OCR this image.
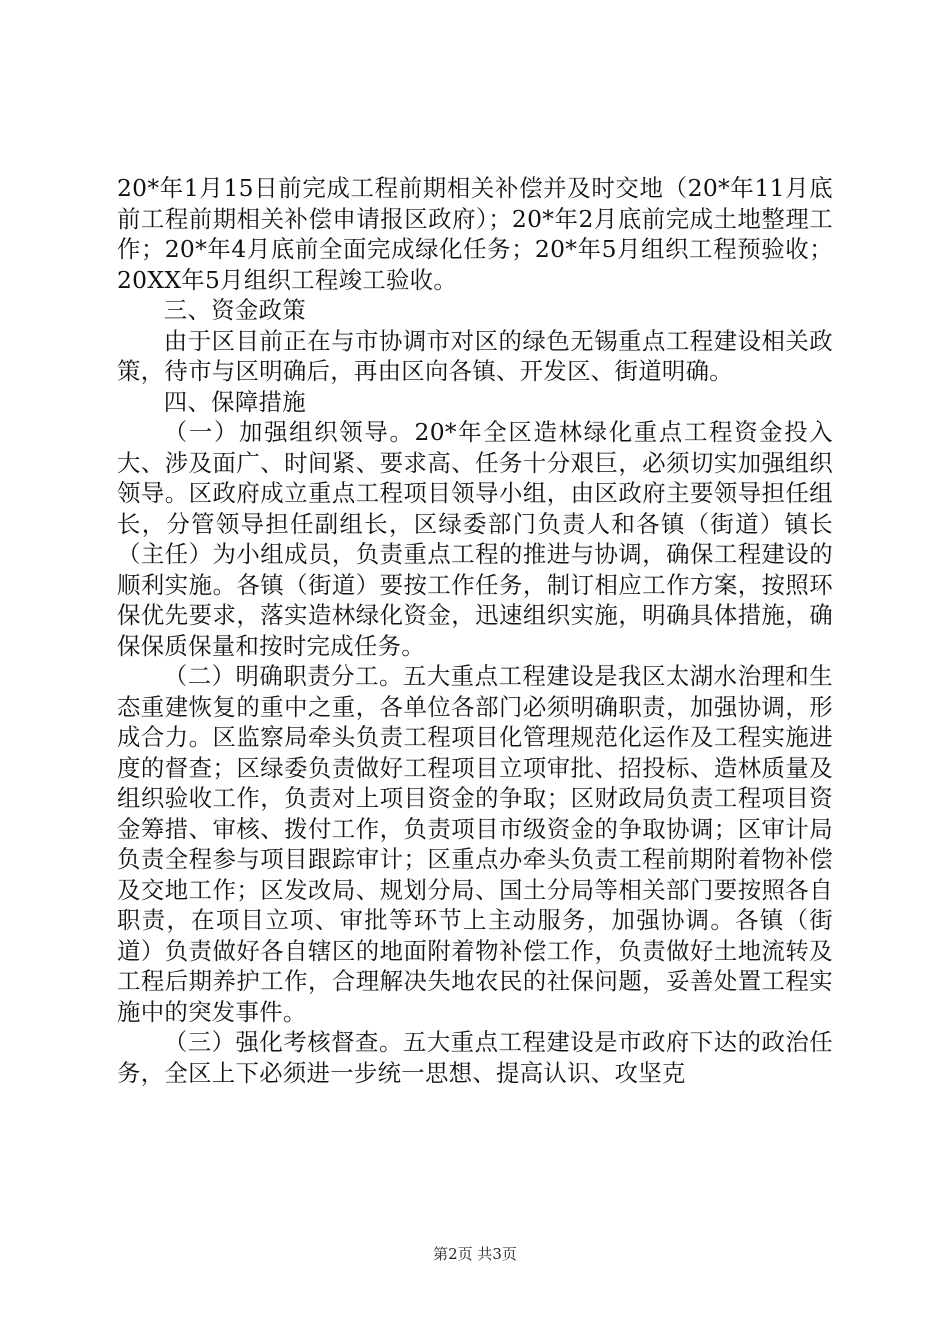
20*年1月15日前完成工程前期相关补偿并及时交地（20*年11月底前工程前期相关补偿申请报区政府）；20*年2月底前完成土地整理工作；20*年4月底前全面完成绿化任务；20*年5月组织工程预验收；20XX年5月组织工程竣工验收。

三、资金政策

由于区目前正在与市协调市对区的绿色无锡重点工程建设相关政策，待市与区明确后，再由区向各镇、开发区、街道明确。

四、保障措施

（一）加强组织领导。20*年全区造林绿化重点工程资金投入大、涉及面广、时间紧、要求高、任务十分艰巨，必须切实加强组织领导。区政府成立重点工程项目领导小组，由区政府主要领导担任组长，分管领导担任副组长，区绿委部门负责人和各镇（街道）镇长（主任）为小组成员，负责重点工程的推进与协调，确保工程建设的顺利实施。各镇（街道）要按工作任务，制订相应工作方案，按照环保优先要求，落实造林绿化资金，迅速组织实施，明确具体措施，确保保质保量和按时完成任务。

（二）明确职责分工。五大重点工程建设是我区太湖水治理和生态重建恢复的重中之重，各单位各部门必须明确职责，加强协调，形成合力。区监察局牵头负责工程项目化管理规范化运作及工程实施进度的督查；区绿委负责做好工程项目立项审批、招投标、造林质量及组织验收工作，负责对上项目资金的争取；区财政局负责工程项目资金筹措、审核、拨付工作，负责项目市级资金的争取协调；区审计局负责全程参与项目跟踪审计；区重点办牵头负责工程前期附着物补偿及交地工作；区发改局、规划分局、国土分局等相关部门要按照各自职责，在项目立项、审批等环节上主动服务，加强协调。各镇（街道）负责做好各自辖区的地面附着物补偿工作，负责做好土地流转及工程后期养护工作，合理解决失地农民的社保问题，妥善处置工程实施中的突发事件。

（三）强化考核督查。五大重点工程建设是市政府下达的政治任务，全区上下必须进一步统一思想、提高认识、攻坚克

第2页 共3页
